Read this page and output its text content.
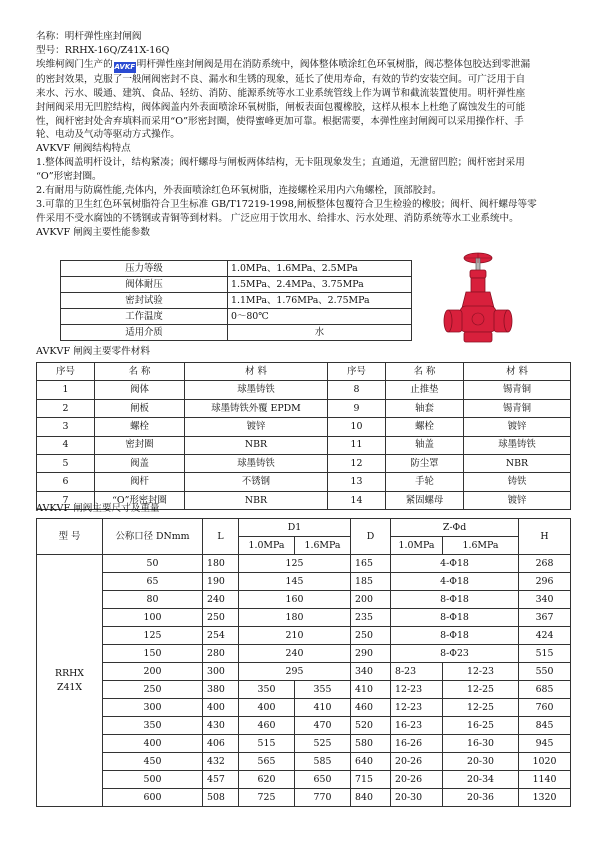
名称：明杆弹性座封闸阀
型号：RRHX-16Q/Z41X-16Q
埃维柯阀门生产的 AVKF 明杆弹性座封闸阀是用在消防系统中，阀体整体喷涂红色环氧树脂，阀芯整体包胶达到零泄漏
的密封效果，克服了一般闸阀密封不良、漏水和生锈的现象，延长了使用寿命，有效的节约安装空间。可广泛用于自
来水、污水、暖通、建筑、食品、轻纺、消防、能源系统等水工业系统管线上作为调节和截流装置使用。明杆弹性座
封闸阀采用无凹腔结构，阀体阀盖内外表面喷涂环氧树脂，闸板表面包覆橡胶，这样从根本上杜绝了腐蚀发生的可能
性，阀杆密封处舍弃填料而采用“O”形密封圈，使得蜜峰更加可靠。根据需要，本弹性座封闸阀可以采用操作杆、手
轮、电动及气动等驱动方式操作。
AVKVF 闸阀结构特点
1.整体阀盖明杆设计，结构紧凑；阀杆螺母与闸板两体结构，无卡阻现象发生；直通道，无泄留凹腔；阀杆密封采用
“O”形密封圈。
2.有耐用与防腐性能,壳体内，外表面喷涂红色环氧树脂，连接螺栓采用内六角螺栓，顶部胶封。
3.可靠的卫生红色环氧树脂符合卫生标准 GB/T17219-1998,闸板整体包覆符合卫生检验的橡胶；阀杆、阀杆螺母等零
件采用不受水腐蚀的不锈钢或青铜等到材料。 广泛应用于饮用水、给排水、污水处理、消防系统等水工业系统中。
AVKVF 闸阀主要性能参数
压力等级	1.0MPa、1.6MPa、2.5MPa
阀体耐压	1.5MPa、2.4MPa、3.75MPa
密封试验	1.1MPa、1.76MPa、2.75MPa
工作温度	0～80℃
适用介质	水
AVKVF 闸阀主要零件材料
序号	名 称	材 料	序号	名 称	材 料
1	阀体	球墨铸铁	8	止推垫	锡青铜
2	闸板	球墨铸铁外覆 EPDM	9	轴套	锡青铜
3	螺栓	镀锌	10	螺栓	镀锌
4	密封圈	NBR	11	轴盖	球墨铸铁
5	阀盖	球墨铸铁	12	防尘罩	NBR
6	阀杆	不锈钢	13	手轮	铸铁
7	“O”形密封圈	NBR	14	紧固螺母	镀锌
AVKVF 闸阀主要尺寸及重量
型 号	公称口径 DNmm	L	D1		D	Z-Φd		H
			1.0MPa	1.6MPa		1.0MPa	1.6MPa	

RRHX
Z41X	50	180	125		165	4-Φ18		268
	65	190	145		185	4-Φ18		296
	80	240	160		200	8-Φ18		340
	100	250	180		235	8-Φ18		367
	125	254	210		250	8-Φ18		424
	150	280	240		290	8-Φ23		515
	200	300	295		340	8-23	12-23	550
	250	380	350	355	410	12-23	12-25	685
	300	400	400	410	460	12-23	12-25	760
	350	430	460	470	520	16-23	16-25	845
	400	406	515	525	580	16-26	16-30	945
	450	432	565	585	640	20-26	20-30	1020
	500	457	620	650	715	20-26	20-34	1140
	600	508	725	770	840	20-30	20-36	1320
